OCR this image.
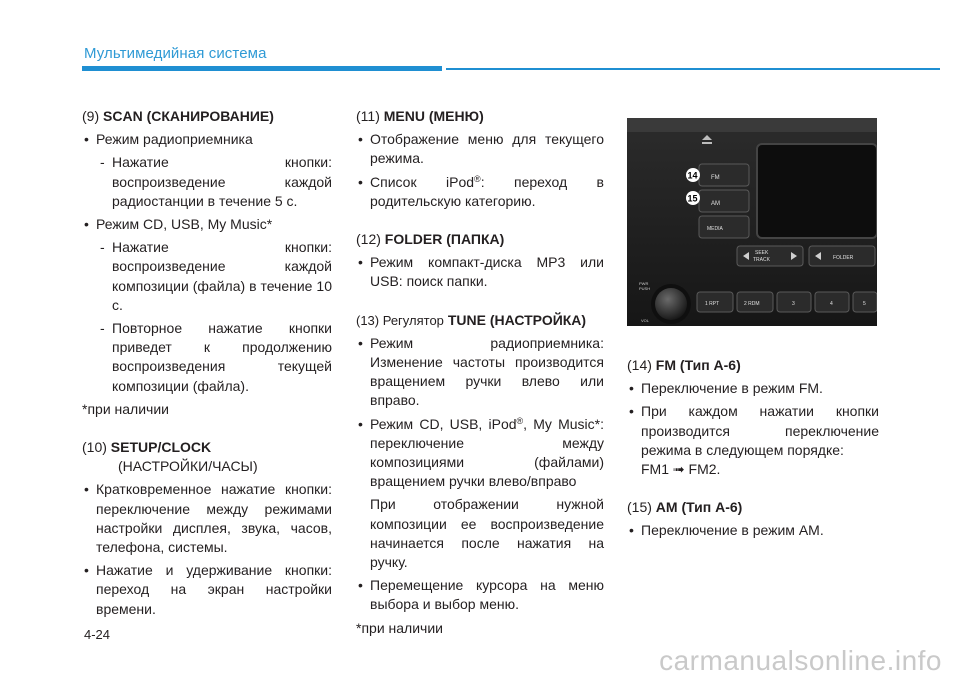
Мультимедийная система

(9) SCAN (СКАНИРОВАНИЕ)

• Режим радиоприемника
- Нажатие кнопки: воспроизведение каждой радиостанции в течение 5 с.
• Режим CD, USB, My Music*
- Нажатие кнопки: воспроизведение каждой композиции (файла) в течение 10 с.
- Повторное нажатие кнопки приведет к продолжению воспроизведения текущей композиции (файла).
*при наличии

(10) SETUP/CLOCK
(НАСТРОЙКИ/ЧАСЫ)

• Кратковременное нажатие кнопки: переключение между режимами настройки дисплея, звука, часов, телефона, системы.
• Нажатие и удерживание кнопки: переход на экран настройки времени.

(11) MENU (МЕНЮ)

• Отображение меню для текущего режима.
• Список iPod®: переход в родительскую категорию.

(12) FOLDER (ПАПКА)

• Режим компакт-диска MP3 или USB: поиск папки.

(13) Регулятор TUNE (НАСТРОЙКА)

• Режим радиоприемника: Изменение частоты производится вращением ручки влево или вправо.
• Режим CD, USB, iPod®, My Music*: переключение между композициями (файлами) вращением ручки влево/вправо
При отображении нужной композиции ее воспроизведение начинается после нажатия на ручку.
• Перемещение курсора на меню выбора и выбор меню.
*при наличии
FM
AM
MEDIA
14
15
SEEK
TRACK	FOLDER
PWR
PUSH
VOL
1 RPT	2 RDM	3	4	5

(14) FM (Тип A-6)

• Переключение в режим FM.
• При каждом нажатии кнопки производится переключение режима в следующем порядке:
FM1 ➟ FM2.

(15) AM (Тип A-6)

• Переключение в режим AM.
4-24
carmanualsonline.info
